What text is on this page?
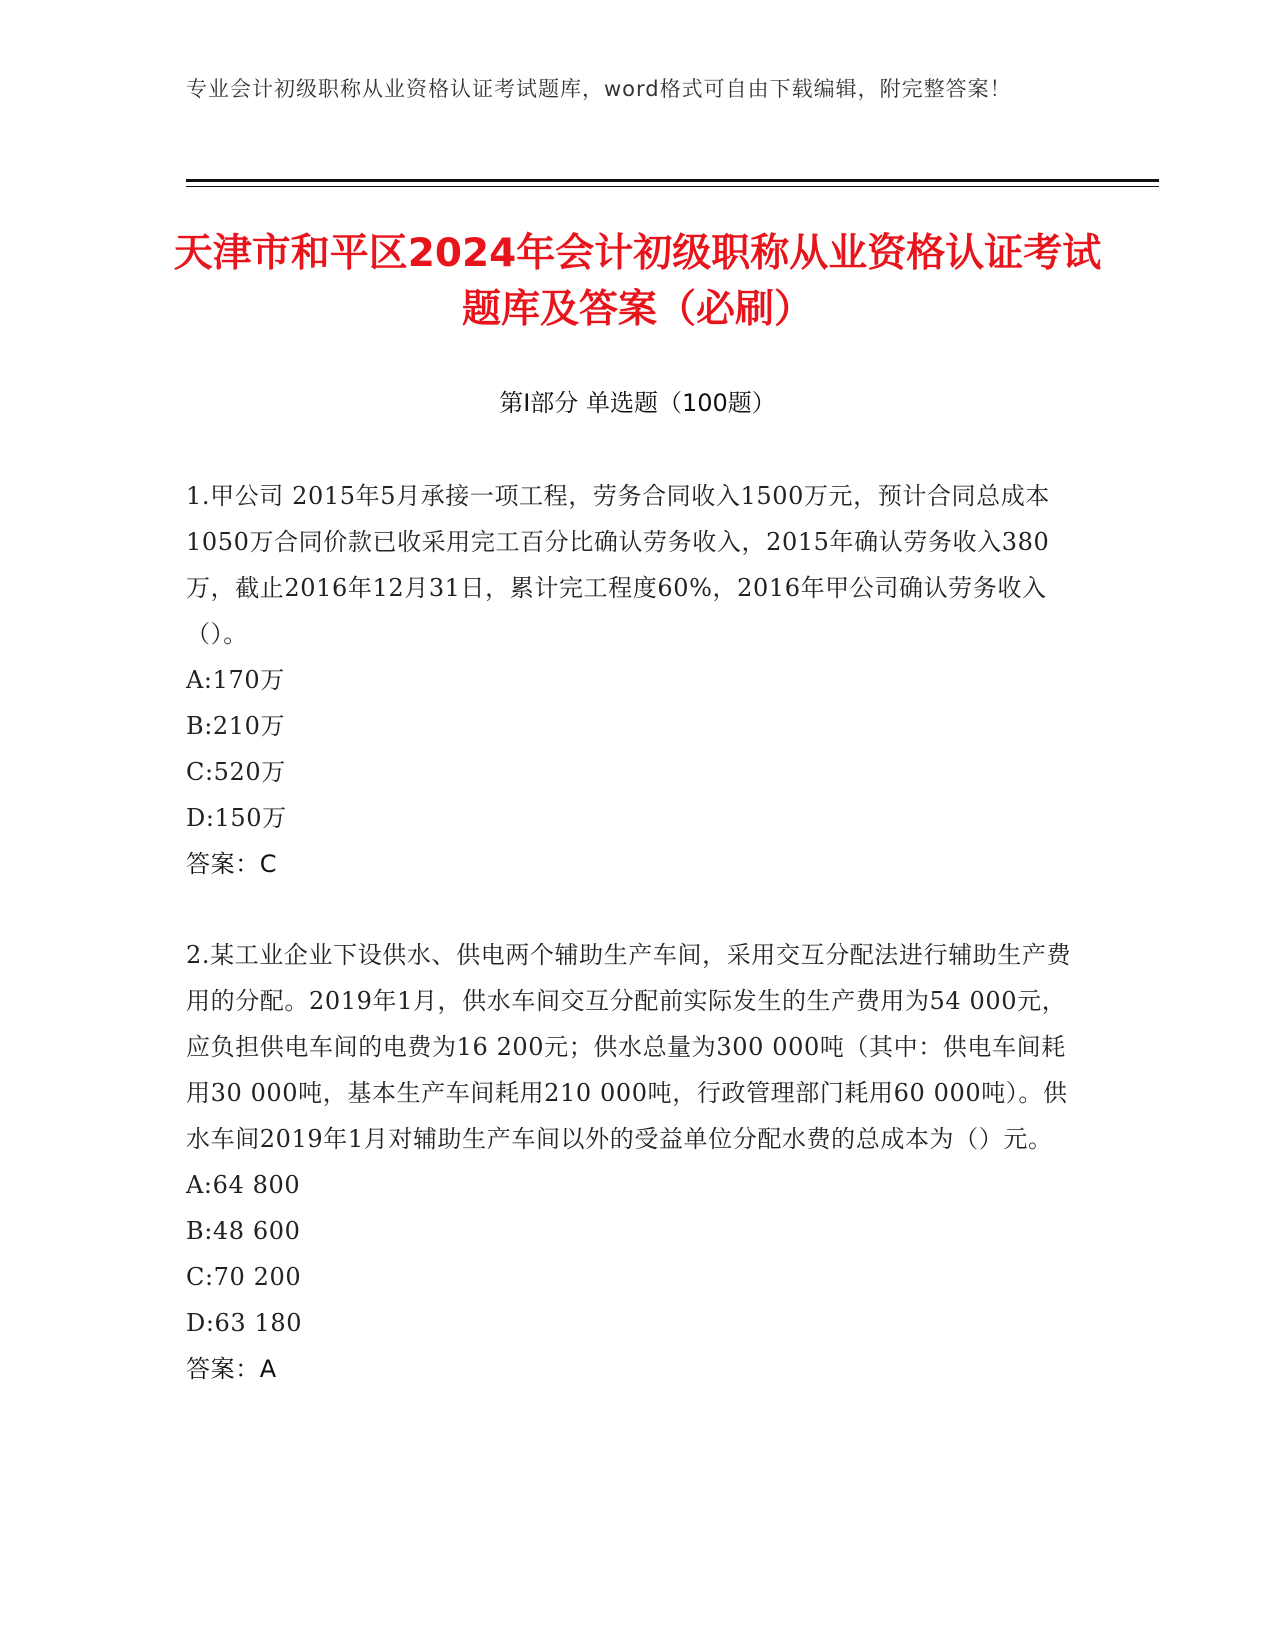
专业会计初级职称从业资格认证考试题库，word格式可自由下载编辑，附完整答案！
天津市和平区2024年会计初级职称从业资格认证考试题库及答案（必刷）
第Ⅰ部分 单选题（100题）

1.甲公司 2015年5月承接一项工程，劳务合同收入1500万元，预计合同总成本1050万合同价款已收采用完工百分比确认劳务收入，2015年确认劳务收入380万，截止2016年12月31日，累计完工程度60%，2016年甲公司确认劳务收入（）。

A:170万

B:210万

C:520万

D:150万

答案：C

2.某工业企业下设供水、供电两个辅助生产车间，采用交互分配法进行辅助生产费用的分配。2019年1月，供水车间交互分配前实际发生的生产费用为54 000元，应负担供电车间的电费为16 200元；供水总量为300 000吨（其中：供电车间耗用30 000吨，基本生产车间耗用210 000吨，行政管理部门耗用60 000吨）。供水车间2019年1月对辅助生产车间以外的受益单位分配水费的总成本为（）元。

A:64 800

B:48 600

C:70 200

D:63 180

答案：A
